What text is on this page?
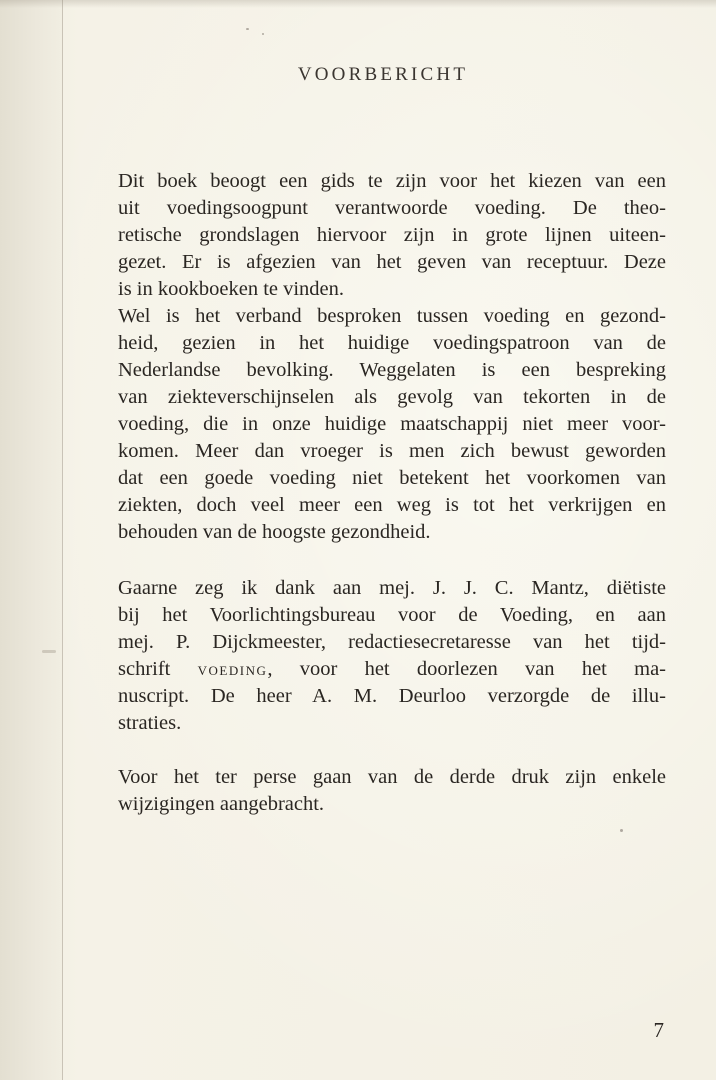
VOORBERICHT

Dit boek beoogt een gids te zijn voor het kiezen van een

uit voedingsoogpunt verantwoorde voeding. De theo-

retische grondslagen hiervoor zijn in grote lijnen uiteen-

gezet. Er is afgezien van het geven van receptuur. Deze

is in kookboeken te vinden.

Wel is het verband besproken tussen voeding en gezond-

heid, gezien in het huidige voedingspatroon van de

Nederlandse bevolking. Weggelaten is een bespreking

van ziekteverschijnselen als gevolg van tekorten in de

voeding, die in onze huidige maatschappij niet meer voor-

komen. Meer dan vroeger is men zich bewust geworden

dat een goede voeding niet betekent het voorkomen van

ziekten, doch veel meer een weg is tot het verkrijgen en

behouden van de hoogste gezondheid.

Gaarne zeg ik dank aan mej. J. J. C. Mantz, diëtiste

bij het Voorlichtingsbureau voor de Voeding, en aan

mej. P. Dijckmeester, redactiesecretaresse van het tijd-

schrift VOEDING, voor het doorlezen van het ma-

nuscript. De heer A. M. Deurloo verzorgde de illu-

straties.

Voor het ter perse gaan van de derde druk zijn enkele

wijzigingen aangebracht.

7
